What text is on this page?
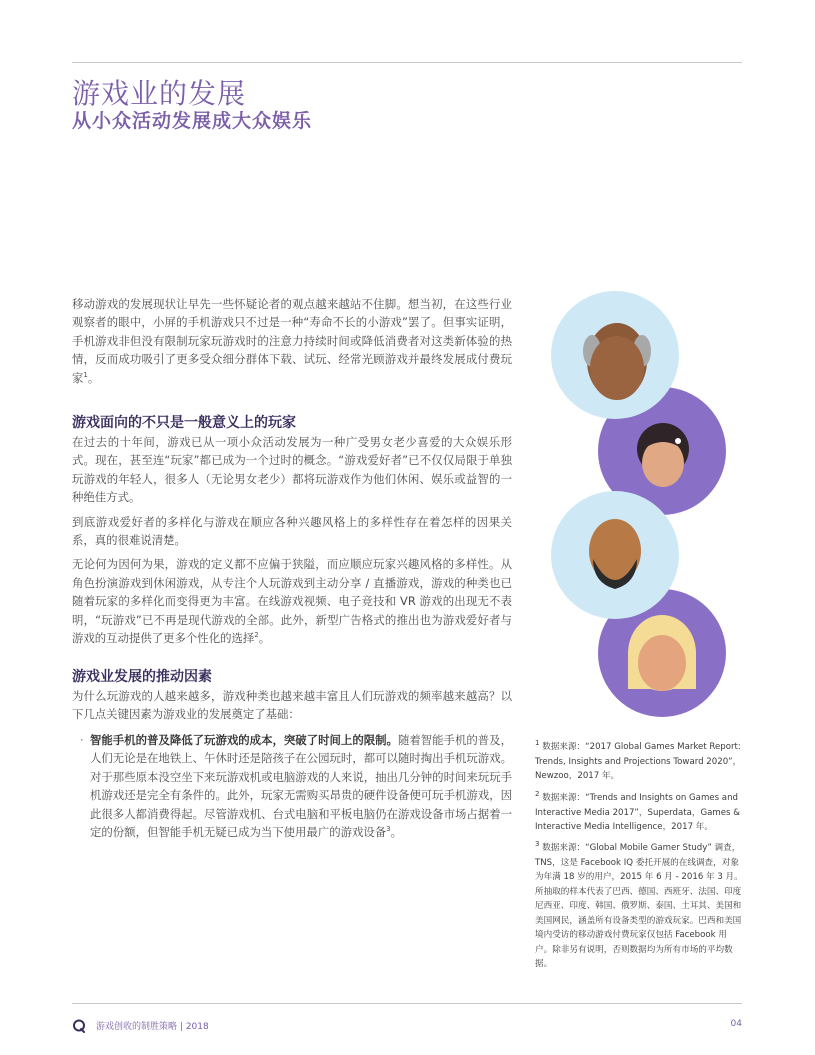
游戏业的发展
从小众活动发展成大众娱乐

移动游戏的发展现状让早先一些怀疑论者的观点越来越站不住脚。想当初，在这些行业观察者的眼中，小屏的手机游戏只不过是一种“寿命不长的小游戏”罢了。但事实证明，手机游戏非但没有限制玩家玩游戏时的注意力持续时间或降低消费者对这类新体验的热情，反而成功吸引了更多受众细分群体下载、试玩、经常光顾游戏并最终发展成付费玩家$^1$。

游戏面向的不只是一般意义上的玩家

在过去的十年间，游戏已从一项小众活动发展为一种广受男女老少喜爱的大众娱乐形式。现在，甚至连“玩家”都已成为一个过时的概念。“游戏爱好者”已不仅仅局限于单独玩游戏的年轻人，很多人（无论男女老少）都将玩游戏作为他们休闲、娱乐或益智的一种绝佳方式。

到底游戏爱好者的多样化与游戏在顺应各种兴趣风格上的多样性存在着怎样的因果关系，真的很难说清楚。

无论何为因何为果，游戏的定义都不应偏于狭隘，而应顺应玩家兴趣风格的多样性。从角色扮演游戏到休闲游戏，从专注个人玩游戏到主动分享 / 直播游戏，游戏的种类也已随着玩家的多样化而变得更为丰富。在线游戏视频、电子竞技和 VR 游戏的出现无不表明，“玩游戏”已不再是现代游戏的全部。此外，新型广告格式的推出也为游戏爱好者与游戏的互动提供了更多个性化的选择$^2$。

游戏业发展的推动因素

为什么玩游戏的人越来越多，游戏种类也越来越丰富且人们玩游戏的频率越来越高？以下几点关键因素为游戏业的发展奠定了基础：

· 智能手机的普及降低了玩游戏的成本，突破了时间上的限制。随着智能手机的普及，人们无论是在地铁上、午休时还是陪孩子在公园玩时，都可以随时掏出手机玩游戏。对于那些原本没空坐下来玩游戏机或电脑游戏的人来说，抽出几分钟的时间来玩玩手机游戏还是完全有条件的。此外，玩家无需购买昂贵的硬件设备便可玩手机游戏，因此很多人都消费得起。尽管游戏机、台式电脑和平板电脑仍在游戏设备市场占据着一定的份额，但智能手机无疑已成为当下使用最广的游戏设备$^3$。

$^1$ 数据来源：“2017 Global Games Market Report: Trends, Insights and Projections Toward 2020”，Newzoo，2017 年。

$^2$ 数据来源：“Trends and Insights on Games and Interactive Media 2017”，Superdata，Games & Interactive Media Intelligence，2017 年。

$^3$ 数据来源：“Global Mobile Gamer Study” 调查，TNS，这是 Facebook IQ 委托开展的在线调查，对象为年满 18 岁的用户，2015 年 6 月 - 2016 年 3 月。所抽取的样本代表了巴西、德国、西班牙、法国、印度尼西亚、印度、韩国、俄罗斯、泰国、土耳其、美国和美国网民，涵盖所有设备类型的游戏玩家。巴西和美国境内受访的移动游戏付费玩家仅包括 Facebook 用户。除非另有说明，否则数据均为所有市场的平均数据。

游戏创收的制胜策略 | 2018	04
